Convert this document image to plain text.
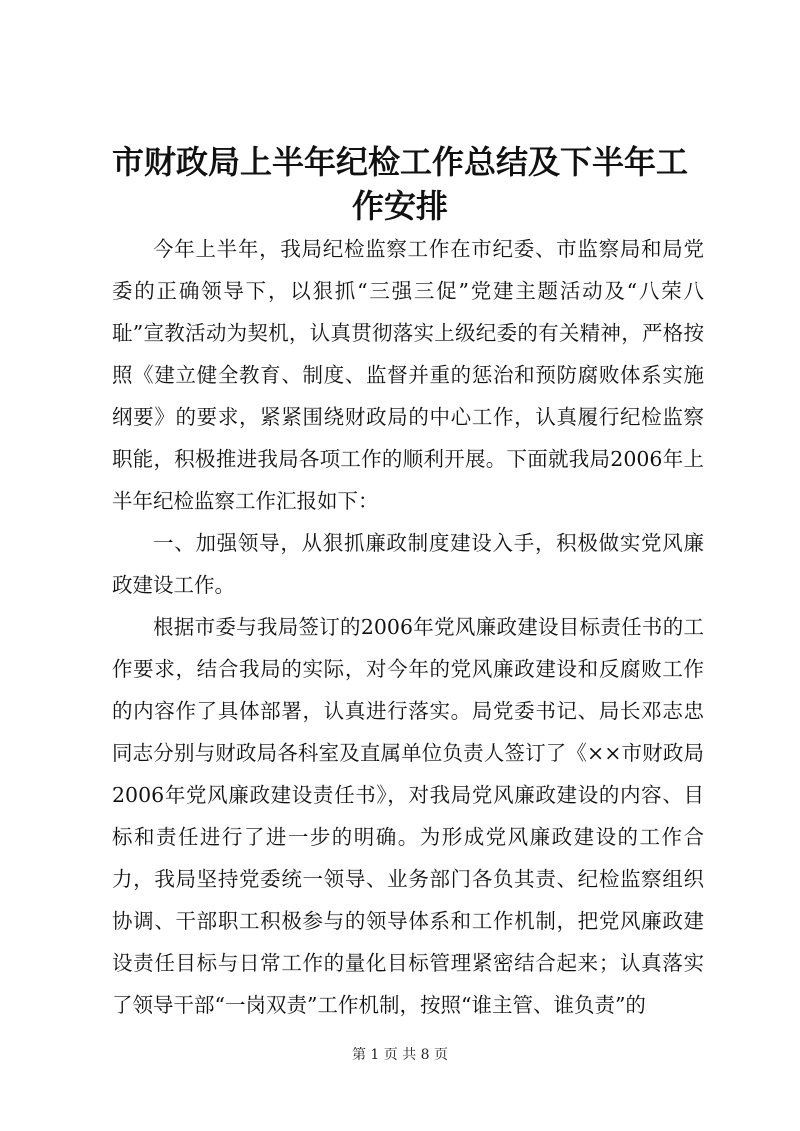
市财政局上半年纪检工作总结及下半年工作安排

今年上半年，我局纪检监察工作在市纪委、市监察局和局党委的正确领导下，以狠抓“三强三促”党建主题活动及“八荣八耻”宣教活动为契机，认真贯彻落实上级纪委的有关精神，严格按照《建立健全教育、制度、监督并重的惩治和预防腐败体系实施纲要》的要求，紧紧围绕财政局的中心工作，认真履行纪检监察职能，积极推进我局各项工作的顺利开展。下面就我局2006年上半年纪检监察工作汇报如下：

一、加强领导，从狠抓廉政制度建设入手，积极做实党风廉政建设工作。

根据市委与我局签订的2006年党风廉政建设目标责任书的工作要求，结合我局的实际，对今年的党风廉政建设和反腐败工作的内容作了具体部署，认真进行落实。局党委书记、局长邓志忠同志分别与财政局各科室及直属单位负责人签订了《××市财政局2006年党风廉政建设责任书》，对我局党风廉政建设的内容、目标和责任进行了进一步的明确。为形成党风廉政建设的工作合力，我局坚持党委统一领导、业务部门各负其责、纪检监察组织协调、干部职工积极参与的领导体系和工作机制，把党风廉政建设责任目标与日常工作的量化目标管理紧密结合起来；认真落实了领导干部“一岗双责”工作机制，按照“谁主管、谁负责”的

第 1 页 共 8 页
